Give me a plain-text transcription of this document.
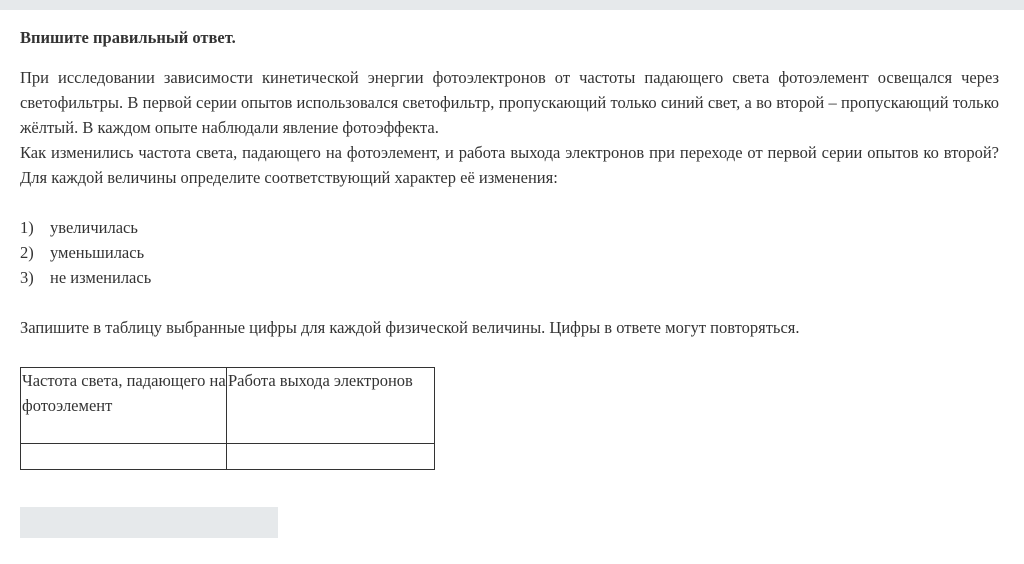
Впишите правильный ответ.

При исследовании зависимости кинетической энергии фотоэлектронов от частоты падающего света фотоэлемент освещался через светофильтры. В первой серии опытов использовался светофильтр, пропускающий только синий свет, а во второй – пропускающий только жёлтый. В каждом опыте наблюдали явление фотоэффекта.

Как изменились частота света, падающего на фотоэлемент, и работа выхода электронов при переходе от первой серии опытов ко второй? Для каждой величины определите соответствующий характер её изменения:

1) увеличилась
2) уменьшилась
3) не изменилась

Запишите в таблицу выбранные цифры для каждой физической величины. Цифры в ответе могут повторяться.

Частота света, падающего на фотоэлемент	Работа выхода электронов
